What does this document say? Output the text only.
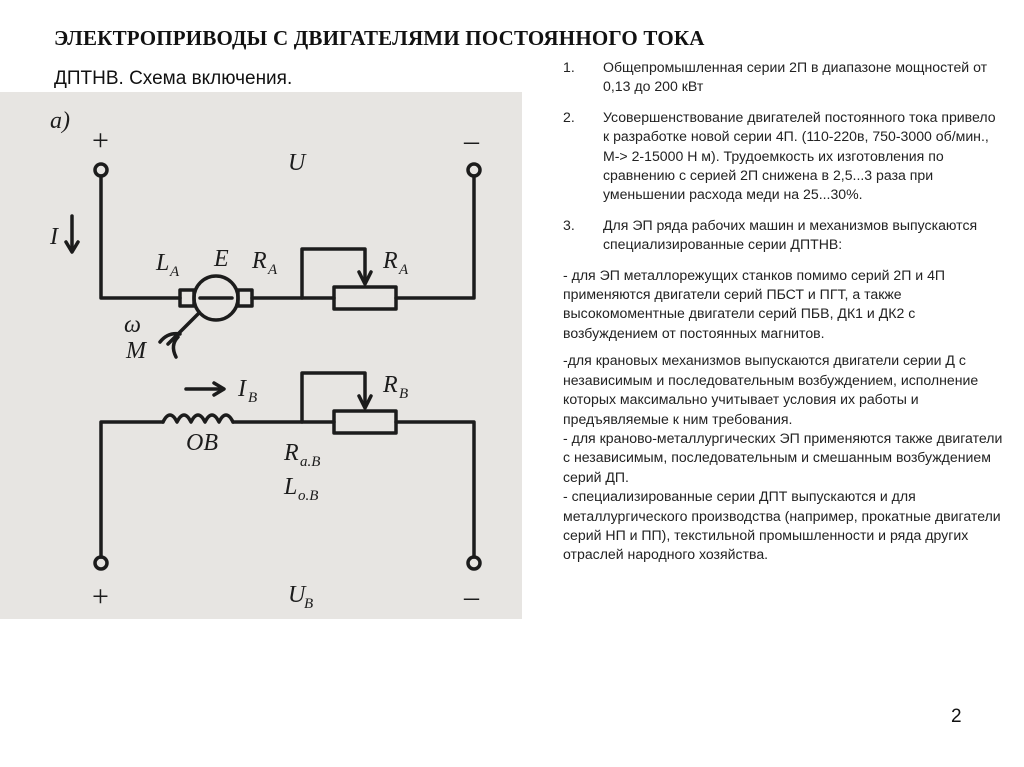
ЭЛЕКТРОПРИВОДЫ С ДВИГАТЕЛЯМИ ПОСТОЯННОГО ТОКА
ДПТНВ. Схема включения.
a)
+	–
U
I
L A E R A	R A
ω
M
I B	R B
OB	R a.B
L o.B
+	–
U
B
1. Общепромышленная серии 2П в диапазоне мощностей от 0,13 до 200 кВт
2. Усовершенствование двигателей постоянного тока привело к разработке новой серии 4П. (110-220в, 750-3000 об/мин., М-> 2-15000 Н м). Трудоемкость их изготовления по сравнению с серией 2П снижена в 2,5...3 раза при уменьшении расхода меди на 25...30%.
3. Для ЭП ряда рабочих машин и механизмов выпускаются специализированные серии ДПТНВ:
- для ЭП металлорежущих станков помимо серий 2П и 4П применяются двигатели серий ПБСТ и ПГТ, а также высокомоментные двигатели серий ПБВ, ДК1 и ДК2 с возбуждением от постоянных магнитов.
-для крановых механизмов выпускаются двигатели серии Д с независимым и последовательным возбуждением, исполнение которых максимально учитывает условия их работы и предъявляемые к ним требования.
- для краново-металлургических ЭП применяются также двигатели с независимым, последовательным и смешанным возбуждением серий ДП.
- специализированные серии ДПТ выпускаются и для металлургического производства (например, прокатные двигатели серий НП и ПП), текстильной промышленности и ряда других отраслей народного хозяйства.
2
